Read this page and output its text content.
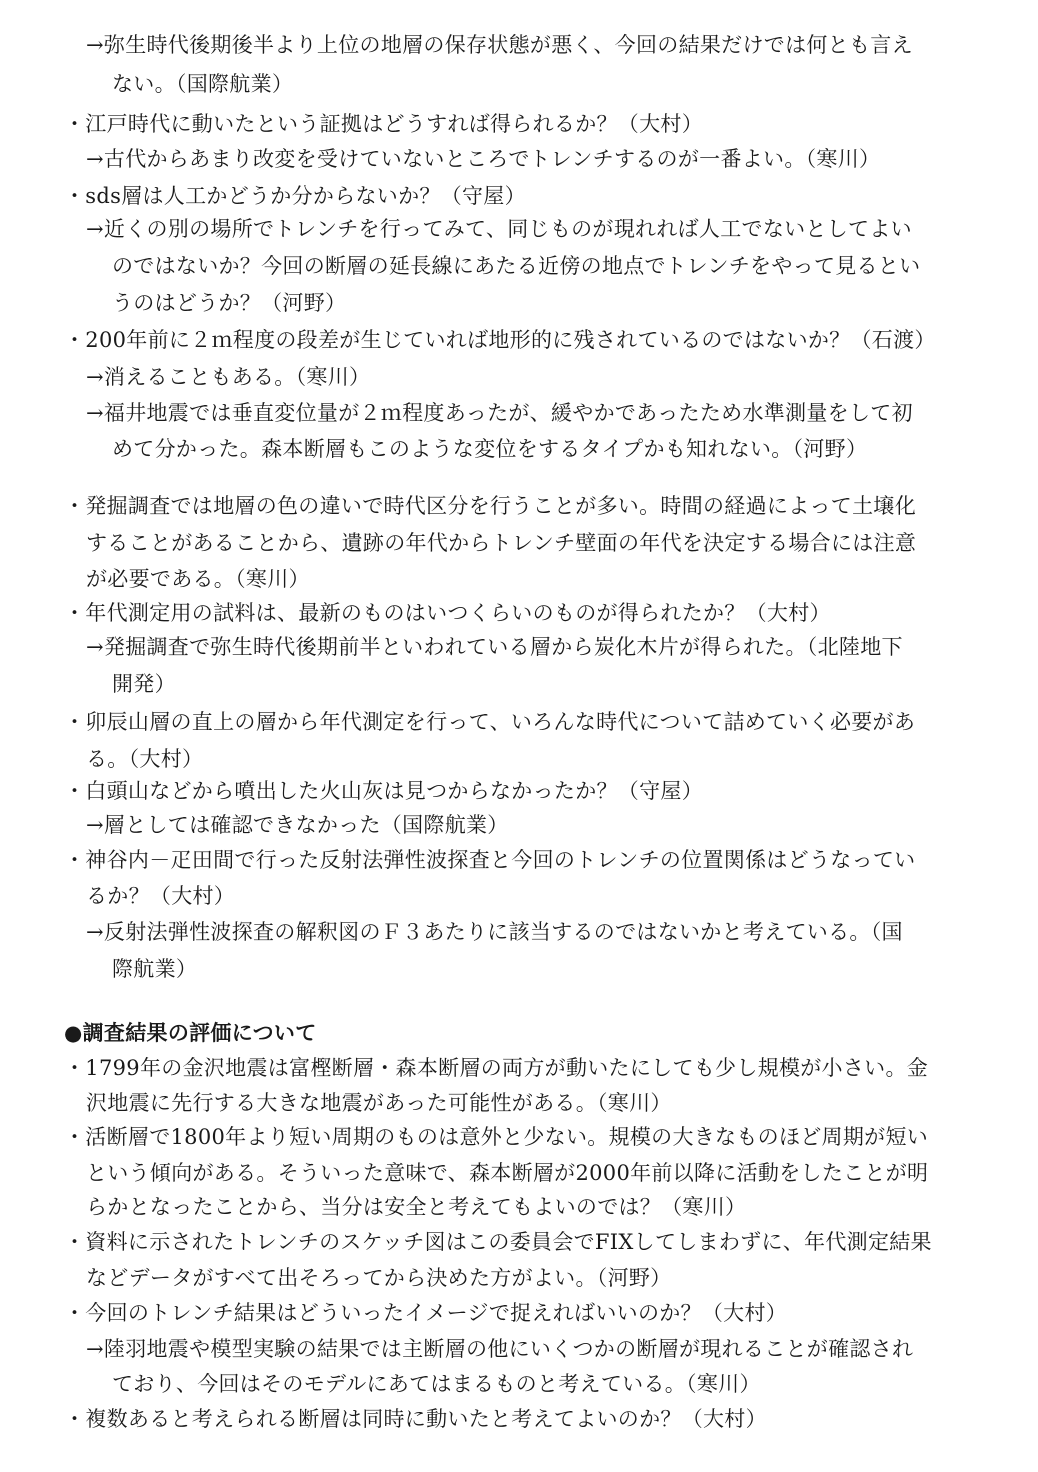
→弥生時代後期後半より上位の地層の保存状態が悪く、今回の結果だけでは何とも言え
ない。（国際航業）
・江戸時代に動いたという証拠はどうすれば得られるか？（大村）
→古代からあまり改変を受けていないところでトレンチするのが一番よい。（寒川）
・sds層は人工かどうか分からないか？（守屋）
→近くの別の場所でトレンチを行ってみて、同じものが現れれば人工でないとしてよい
のではないか？今回の断層の延長線にあたる近傍の地点でトレンチをやって見るとい
うのはどうか？（河野）
・200年前に２ｍ程度の段差が生じていれば地形的に残されているのではないか？（石渡）
→消えることもある。（寒川）
→福井地震では垂直変位量が２ｍ程度あったが、緩やかであったため水準測量をして初
めて分かった。森本断層もこのような変位をするタイプかも知れない。（河野）
・発掘調査では地層の色の違いで時代区分を行うことが多い。時間の経過によって土壌化
することがあることから、遺跡の年代からトレンチ壁面の年代を決定する場合には注意
が必要である。（寒川）
・年代測定用の試料は、最新のものはいつくらいのものが得られたか？（大村）
→発掘調査で弥生時代後期前半といわれている層から炭化木片が得られた。（北陸地下
開発）
・卯辰山層の直上の層から年代測定を行って、いろんな時代について詰めていく必要があ
る。（大村）
・白頭山などから噴出した火山灰は見つからなかったか？（守屋）
→層としては確認できなかった（国際航業）
・神谷内－疋田間で行った反射法弾性波探査と今回のトレンチの位置関係はどうなってい
るか？（大村）
→反射法弾性波探査の解釈図のＦ３あたりに該当するのではないかと考えている。（国
際航業）
●調査結果の評価について
・1799年の金沢地震は富樫断層・森本断層の両方が動いたにしても少し規模が小さい。金
沢地震に先行する大きな地震があった可能性がある。（寒川）
・活断層で1800年より短い周期のものは意外と少ない。規模の大きなものほど周期が短い
という傾向がある。そういった意味で、森本断層が2000年前以降に活動をしたことが明
らかとなったことから、当分は安全と考えてもよいのでは？（寒川）
・資料に示されたトレンチのスケッチ図はこの委員会でFIXしてしまわずに、年代測定結果
などデータがすべて出そろってから決めた方がよい。（河野）
・今回のトレンチ結果はどういったイメージで捉えればいいのか？（大村）
→陸羽地震や模型実験の結果では主断層の他にいくつかの断層が現れることが確認され
ており、今回はそのモデルにあてはまるものと考えている。（寒川）
・複数あると考えられる断層は同時に動いたと考えてよいのか？（大村）
